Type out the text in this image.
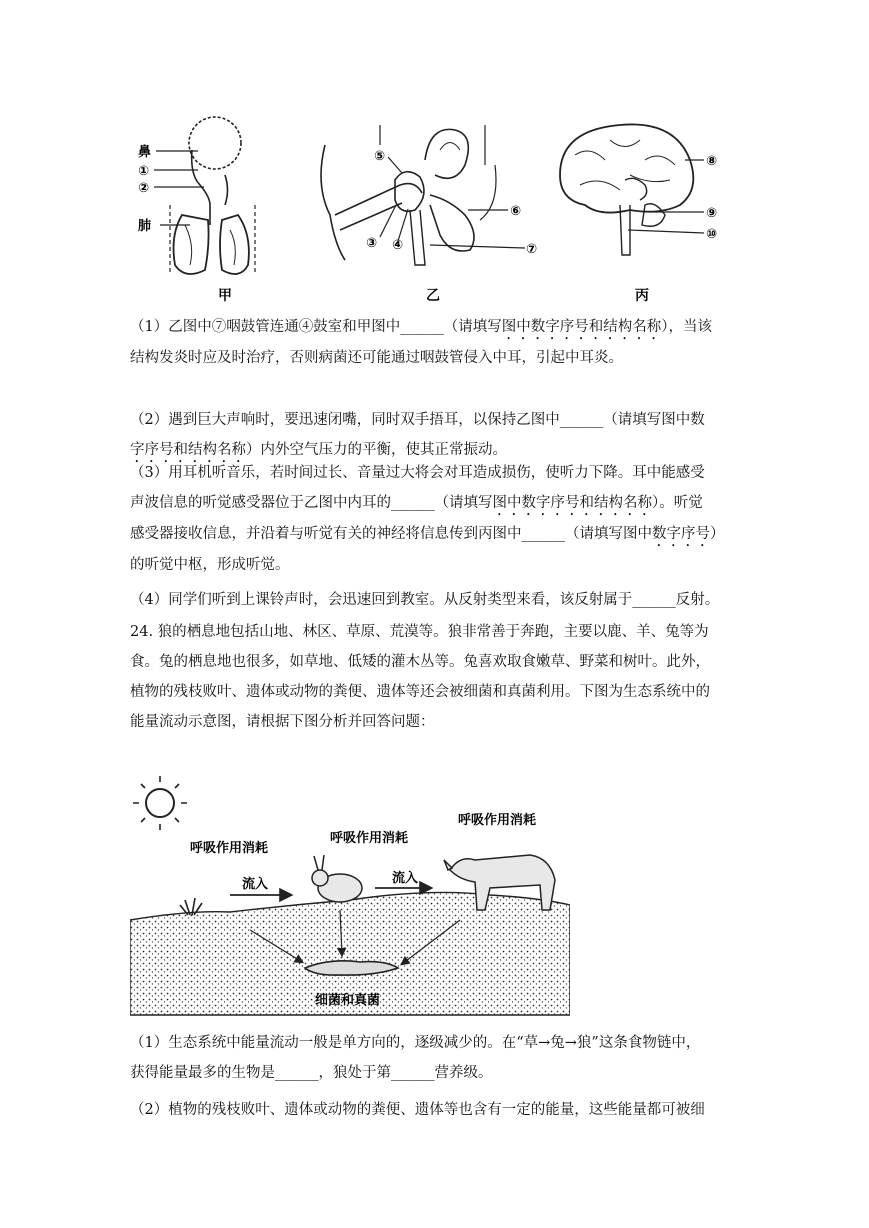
鼻
①
②
肺
甲
⑤
③ ④
⑥
⑦
乙
⑧
⑨
⑩
丙
（1）乙图中⑦咽鼓管连通④鼓室和甲图中______（请填写图中数字序号和结构名称），当该
结构发炎时应及时治疗，否则病菌还可能通过咽鼓管侵入中耳，引起中耳炎。
（2）遇到巨大声响时，要迅速闭嘴，同时双手捂耳，以保持乙图中______（请填写图中数
字序号和结构名称）内外空气压力的平衡，使其正常振动。
（3）用耳机听音乐，若时间过长、音量过大将会对耳造成损伤，使听力下降。耳中能感受
声波信息的听觉感受器位于乙图中内耳的______（请填写图中数字序号和结构名称）。听觉
感受器接收信息，并沿着与听觉有关的神经将信息传到丙图中______（请填写图中数字序号）
的听觉中枢，形成听觉。
（4）同学们听到上课铃声时，会迅速回到教室。从反射类型来看，该反射属于______反射。
24. 狼的栖息地包括山地、林区、草原、荒漠等。狼非常善于奔跑，主要以鹿、羊、兔等为
食。兔的栖息地也很多，如草地、低矮的灌木丛等。兔喜欢取食嫩草、野菜和树叶。此外，
植物的残枝败叶、遗体或动物的粪便、遗体等还会被细菌和真菌利用。下图为生态系统中的
能量流动示意图，请根据下图分析并回答问题：
呼吸作用消耗
呼吸作用消耗
呼吸作用消耗
流入	流入
细菌和真菌
（1）生态系统中能量流动一般是单方向的，逐级减少的。在“草→兔→狼”这条食物链中，
获得能量最多的生物是______，狼处于第______营养级。
（2）植物的残枝败叶、遗体或动物的粪便、遗体等也含有一定的能量，这些能量都可被细
